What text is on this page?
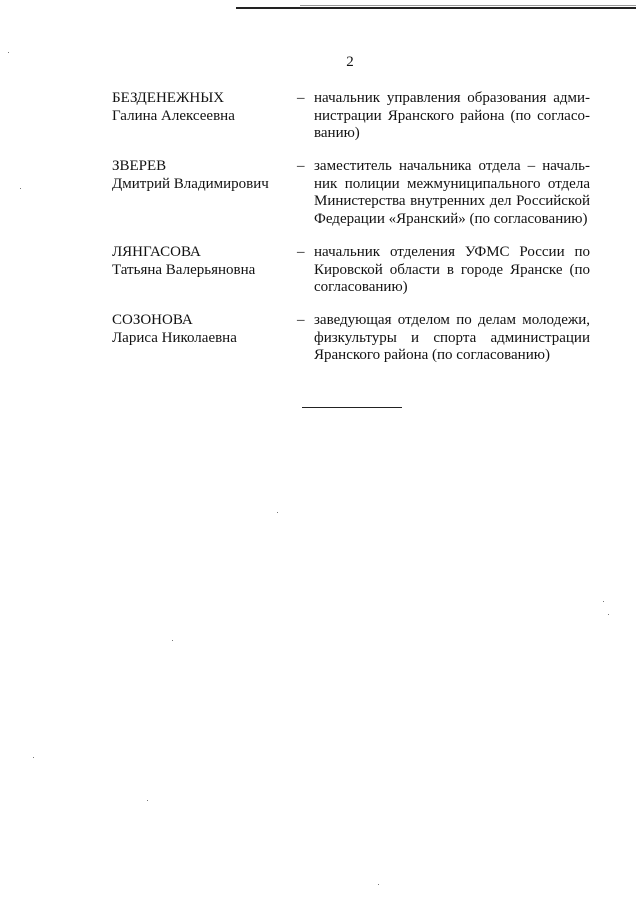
2
БЕЗДЕНЕЖНЫХ
Галина Алексеевна
– начальник управления образования администрации Яранского района (по согласованию)
ЗВЕРЕВ
Дмитрий Владимирович
– заместитель начальника отдела – начальник полиции межмуниципального отдела Министерства внутренних дел Российской Федерации «Яранский» (по согласованию)
ЛЯНГАСОВА
Татьяна Валерьяновна
– начальник отделения УФМС России по Кировской области в городе Яранске (по согласованию)
СОЗОНОВА
Лариса Николаевна
– заведующая отделом по делам молодежи, физкультуры и спорта администрации Яранского района (по согласованию)
